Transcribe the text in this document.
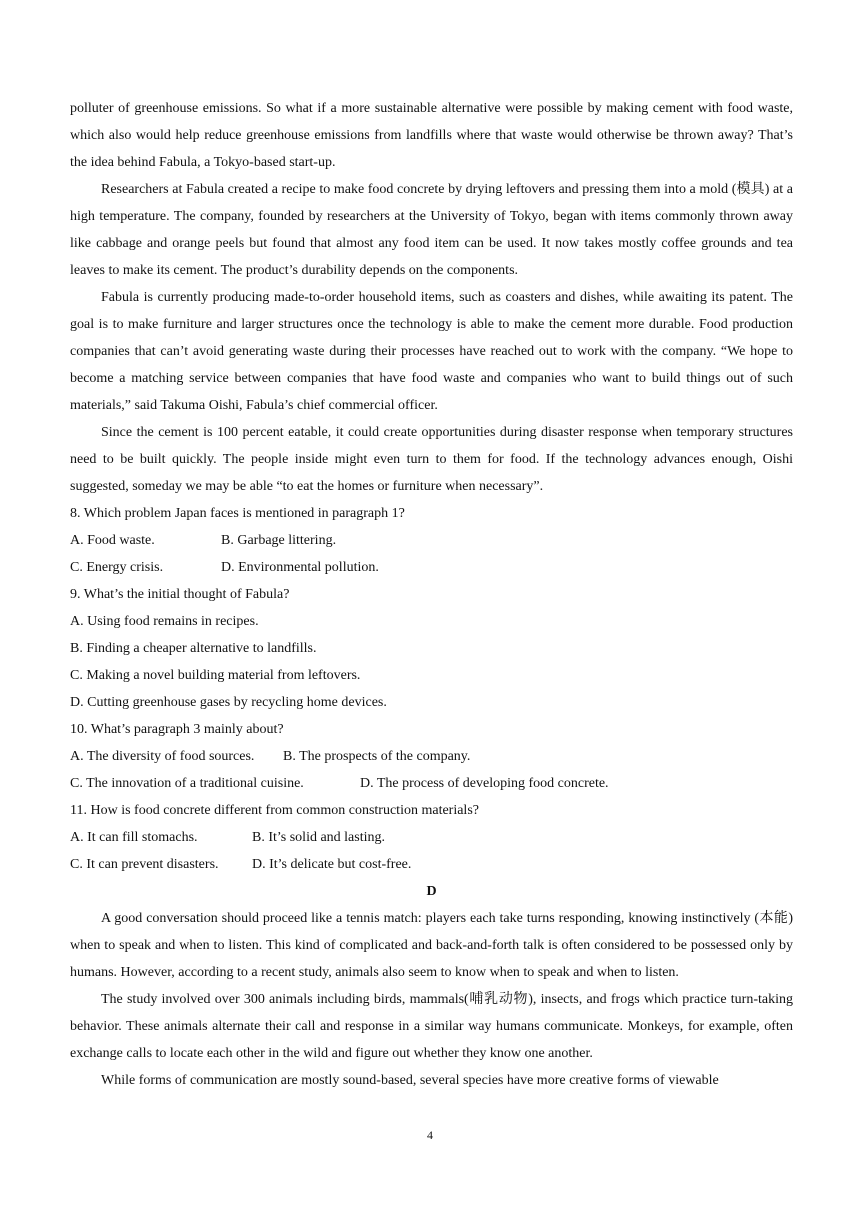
polluter of greenhouse emissions. So what if a more sustainable alternative were possible by making cement with food waste, which also would help reduce greenhouse emissions from landfills where that waste would otherwise be thrown away? That’s the idea behind Fabula, a Tokyo-based start-up.

Researchers at Fabula created a recipe to make food concrete by drying leftovers and pressing them into a mold (模具) at a high temperature. The company, founded by researchers at the University of Tokyo, began with items commonly thrown away like cabbage and orange peels but found that almost any food item can be used. It now takes mostly coffee grounds and tea leaves to make its cement. The product’s durability depends on the components.

Fabula is currently producing made-to-order household items, such as coasters and dishes, while awaiting its patent. The goal is to make furniture and larger structures once the technology is able to make the cement more durable. Food production companies that can’t avoid generating waste during their processes have reached out to work with the company. “We hope to become a matching service between companies that have food waste and companies who want to build things out of such materials,” said Takuma Oishi, Fabula’s chief commercial officer.

Since the cement is 100 percent eatable, it could create opportunities during disaster response when temporary structures need to be built quickly. The people inside might even turn to them for food. If the technology advances enough, Oishi suggested, someday we may be able “to eat the homes or furniture when necessary”.

8. Which problem Japan faces is mentioned in paragraph 1?
A. Food waste.	B. Garbage littering.
C. Energy crisis.	D. Environmental pollution.
9. What’s the initial thought of Fabula?
A. Using food remains in recipes.
B. Finding a cheaper alternative to landfills.
C. Making a novel building material from leftovers.
D. Cutting greenhouse gases by recycling home devices.
10. What’s paragraph 3 mainly about?
A. The diversity of food sources.	B. The prospects of the company.
C. The innovation of a traditional cuisine.	D. The process of developing food concrete.
11. How is food concrete different from common construction materials?
A. It can fill stomachs.	B. It’s solid and lasting.
C. It can prevent disasters.	D. It’s delicate but cost-free.
D

A good conversation should proceed like a tennis match: players each take turns responding, knowing instinctively (本能) when to speak and when to listen. This kind of complicated and back-and-forth talk is often considered to be possessed only by humans. However, according to a recent study, animals also seem to know when to speak and when to listen.

The study involved over 300 animals including birds, mammals(哺乳动物), insects, and frogs which practice turn-taking behavior. These animals alternate their call and response in a similar way humans communicate. Monkeys, for example, often exchange calls to locate each other in the wild and figure out whether they know one another.

While forms of communication are mostly sound-based, several species have more creative forms of viewable

4
